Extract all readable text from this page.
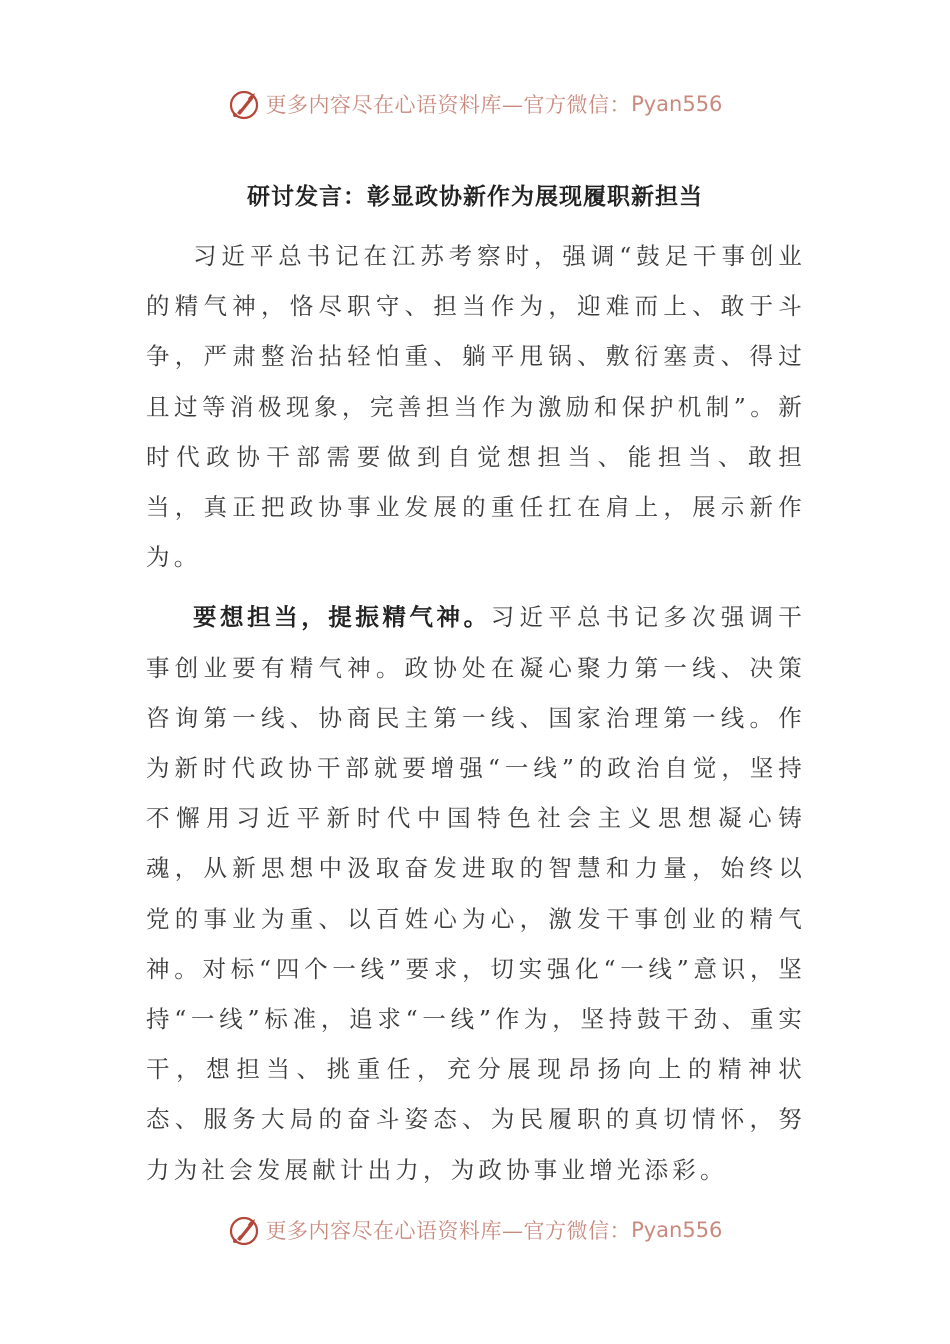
更多内容尽在心语资料库—官方微信： Pyan556
研讨发言：彰显政协新作为展现履职新担当

习近平总书记在江苏考察时，强调“鼓足干事创业的精气神，恪尽职守、担当作为，迎难而上、敢于斗争，严肃整治拈轻怕重、躺平甩锅、敷衍塞责、得过且过等消极现象，完善担当作为激励和保护机制”。新时代政协干部需要做到自觉想担当、能担当、敢担当，真正把政协事业发展的重任扛在肩上，展示新作为。

要想担当，提振精气神。习近平总书记多次强调干事创业要有精气神。政协处在凝心聚力第一线、决策咨询第一线、协商民主第一线、国家治理第一线。作为新时代政协干部就要增强“一线”的政治自觉，坚持不懈用习近平新时代中国特色社会主义思想凝心铸魂，从新思想中汲取奋发进取的智慧和力量，始终以党的事业为重、以百姓心为心，激发干事创业的精气神。对标“四个一线”要求，切实强化“一线”意识，坚持“一线”标准，追求“一线”作为，坚持鼓干劲、重实干，想担当、挑重任，充分展现昂扬向上的精神状态、服务大局的奋斗姿态、为民履职的真切情怀，努力为社会发展献计出力，为政协事业增光添彩。

更多内容尽在心语资料库—官方微信： Pyan556
